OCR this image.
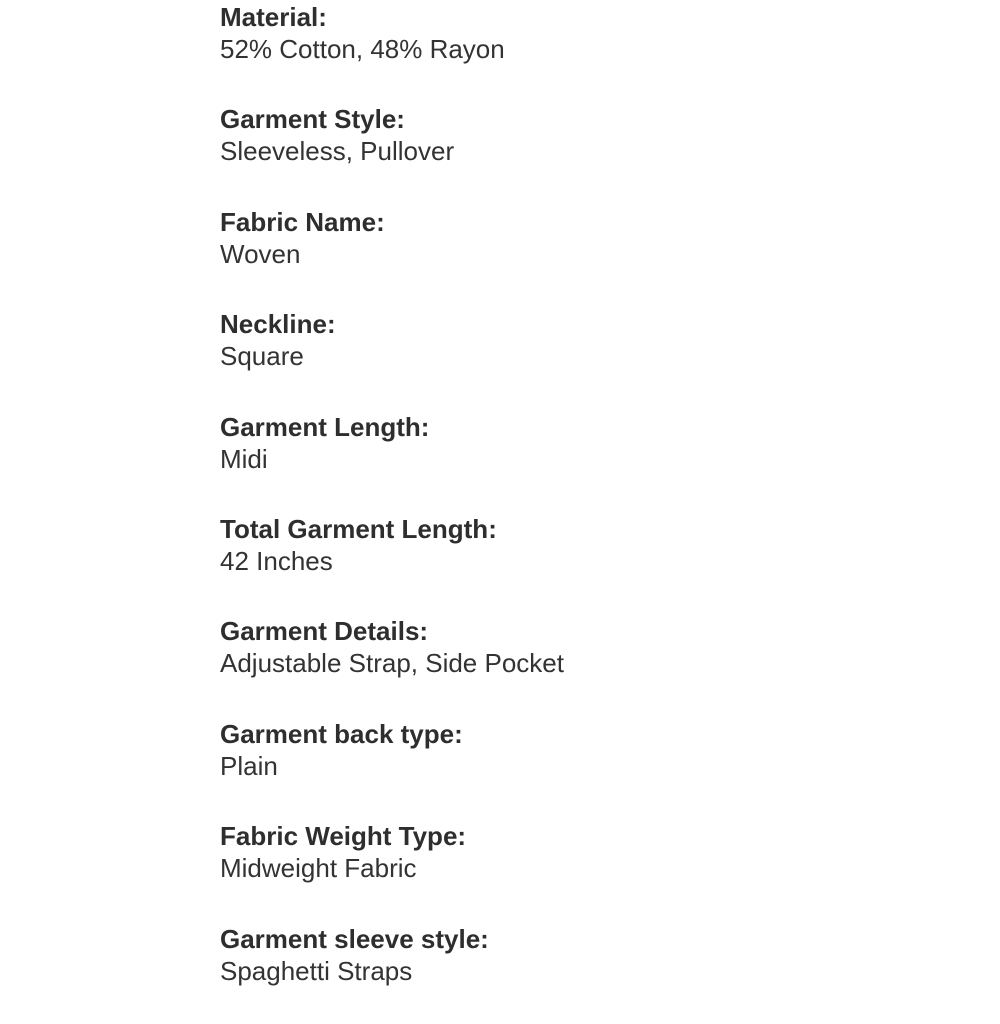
Material:
52% Cotton, 48% Rayon
Garment Style:
Sleeveless, Pullover
Fabric Name:
Woven
Neckline:
Square
Garment Length:
Midi
Total Garment Length:
42 Inches
Garment Details:
Adjustable Strap, Side Pocket
Garment back type:
Plain
Fabric Weight Type:
Midweight Fabric
Garment sleeve style:
Spaghetti Straps
